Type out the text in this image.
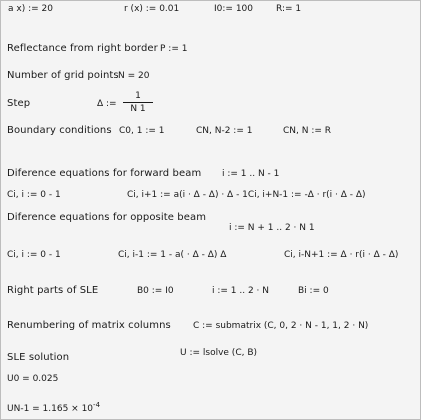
a x) := 20	r (x) := 0.01	I0:= 100	R:= 1
Reflectance from right border P := 1
Number of grid points N = 20
Step	Δ :=
1
N 1
Boundary conditions C0, 1 := 1	CN, N-2 := 1	CN, N := R
Diference equations for forward beam i := 1 .. N - 1
Ci, i := 0 - 1	Ci, i+1 := a(i · Δ - Δ) · Δ - 1Ci, i+N-1 := -Δ · r(i · Δ - Δ)
Diference equations for opposite beam
i := N + 1 .. 2 · N 1
Ci, i := 0 - 1	Ci, i-1 := 1 - a( · Δ - Δ) Δ	Ci, i-N+1 := Δ · r(i · Δ - Δ)
Right parts of SLE	B0 := I0	i := 1 .. 2 · N	Bi := 0
Renumbering of matrix columns C := submatrix (C, 0, 2 · N - 1, 1, 2 · N)
SLE solution	U := lsolve (C, B)
U0 = 0.025
$UN-1 = 1.165 \times 10^{-4}$
